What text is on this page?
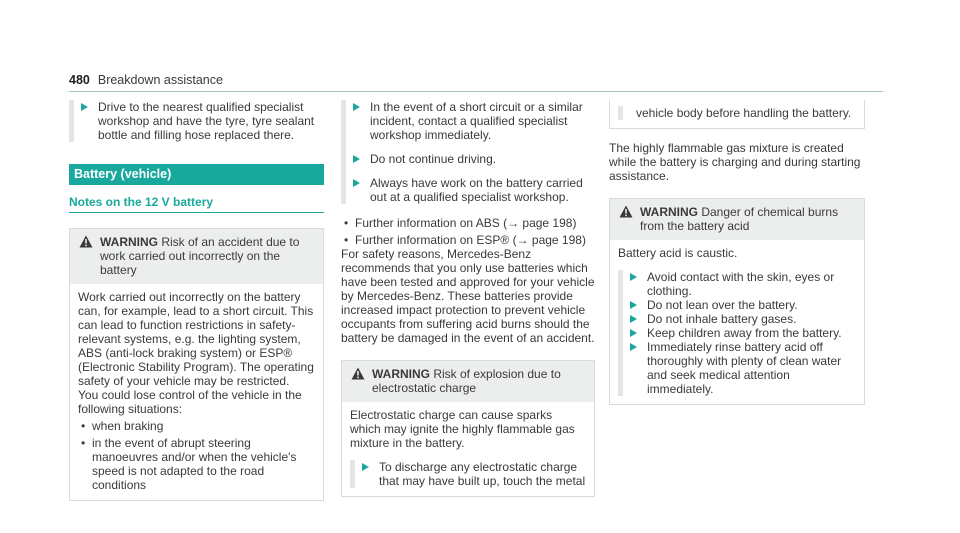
480 Breakdown assistance

Drive to the nearest qualified specialist workshop and have the tyre, tyre sealant bottle and filling hose replaced there.

Battery (vehicle)
Notes on the 12 V battery
WARNING Risk of an accident due to work carried out incorrectly on the battery

Work carried out incorrectly on the battery can, for example, lead to a short circuit. This can lead to function restrictions in safety-relevant systems, e.g. the lighting system, ABS (anti-lock braking system) or ESP® (Electronic Stability Program). The operating safety of your vehicle may be restricted.

You could lose control of the vehicle in the following situations:

• when braking
• in the event of abrupt steering manoeuvres and/or when the vehicle's speed is not adapted to the road conditions

In the event of a short circuit or a similar incident, contact a qualified specialist workshop immediately.

Do not continue driving.

Always have work on the battery carried out at a qualified specialist workshop.

• Further information on ABS (→ page 198)
• Further information on ESP® (→ page 198)

For safety reasons, Mercedes-Benz recommends that you only use batteries which have been tested and approved for your vehicle by Mercedes-Benz. These batteries provide increased impact protection to prevent vehicle occupants from suffering acid burns should the battery be damaged in the event of an accident.

WARNING Risk of explosion due to electrostatic charge

Electrostatic charge can cause sparks which may ignite the highly flammable gas mixture in the battery.

To discharge any electrostatic charge that may have built up, touch the metal

vehicle body before handling the battery.

The highly flammable gas mixture is created while the battery is charging and during starting assistance.

WARNING Danger of chemical burns from the battery acid

Battery acid is caustic.

Avoid contact with the skin, eyes or clothing.

Do not lean over the battery.

Do not inhale battery gases.

Keep children away from the battery.

Immediately rinse battery acid off thoroughly with plenty of clean water and seek medical attention immediately.
